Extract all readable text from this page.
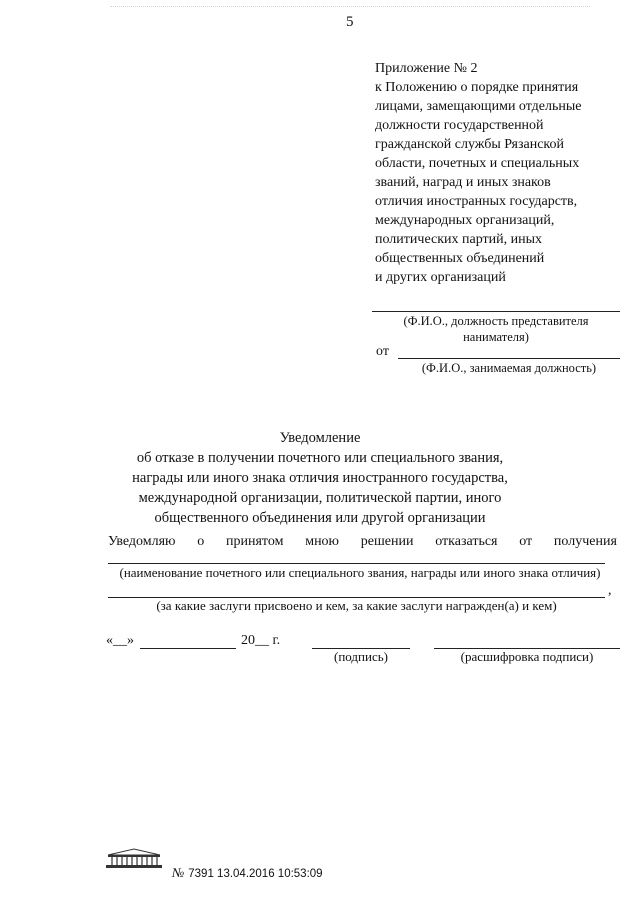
5
Приложение № 2
к Положению о порядке принятия
лицами, замещающими отдельные
должности государственной
гражданской службы Рязанской
области, почетных и специальных
званий, наград и иных знаков
отличия иностранных государств,
международных организаций,
политических партий, иных
общественных объединений
и других организаций
(Ф.И.О., должность представителя
нанимателя)
от
(Ф.И.О., занимаемая должность)
Уведомление
об отказе в получении почетного или специального звания,
награды или иного знака отличия иностранного государства,
международной организации, политической партии, иного
общественного объединения или другой организации
Уведомляю о принятом мною решении отказаться от получения
(наименование почетного или специального звания, награды или иного знака отличия)
,
(за какие заслуги присвоено и кем, за какие заслуги награжден(а) и кем)
«__»	20__ г.
(подпись)	(расшифровка подписи)
№ 7391 13.04.2016 10:53:09
